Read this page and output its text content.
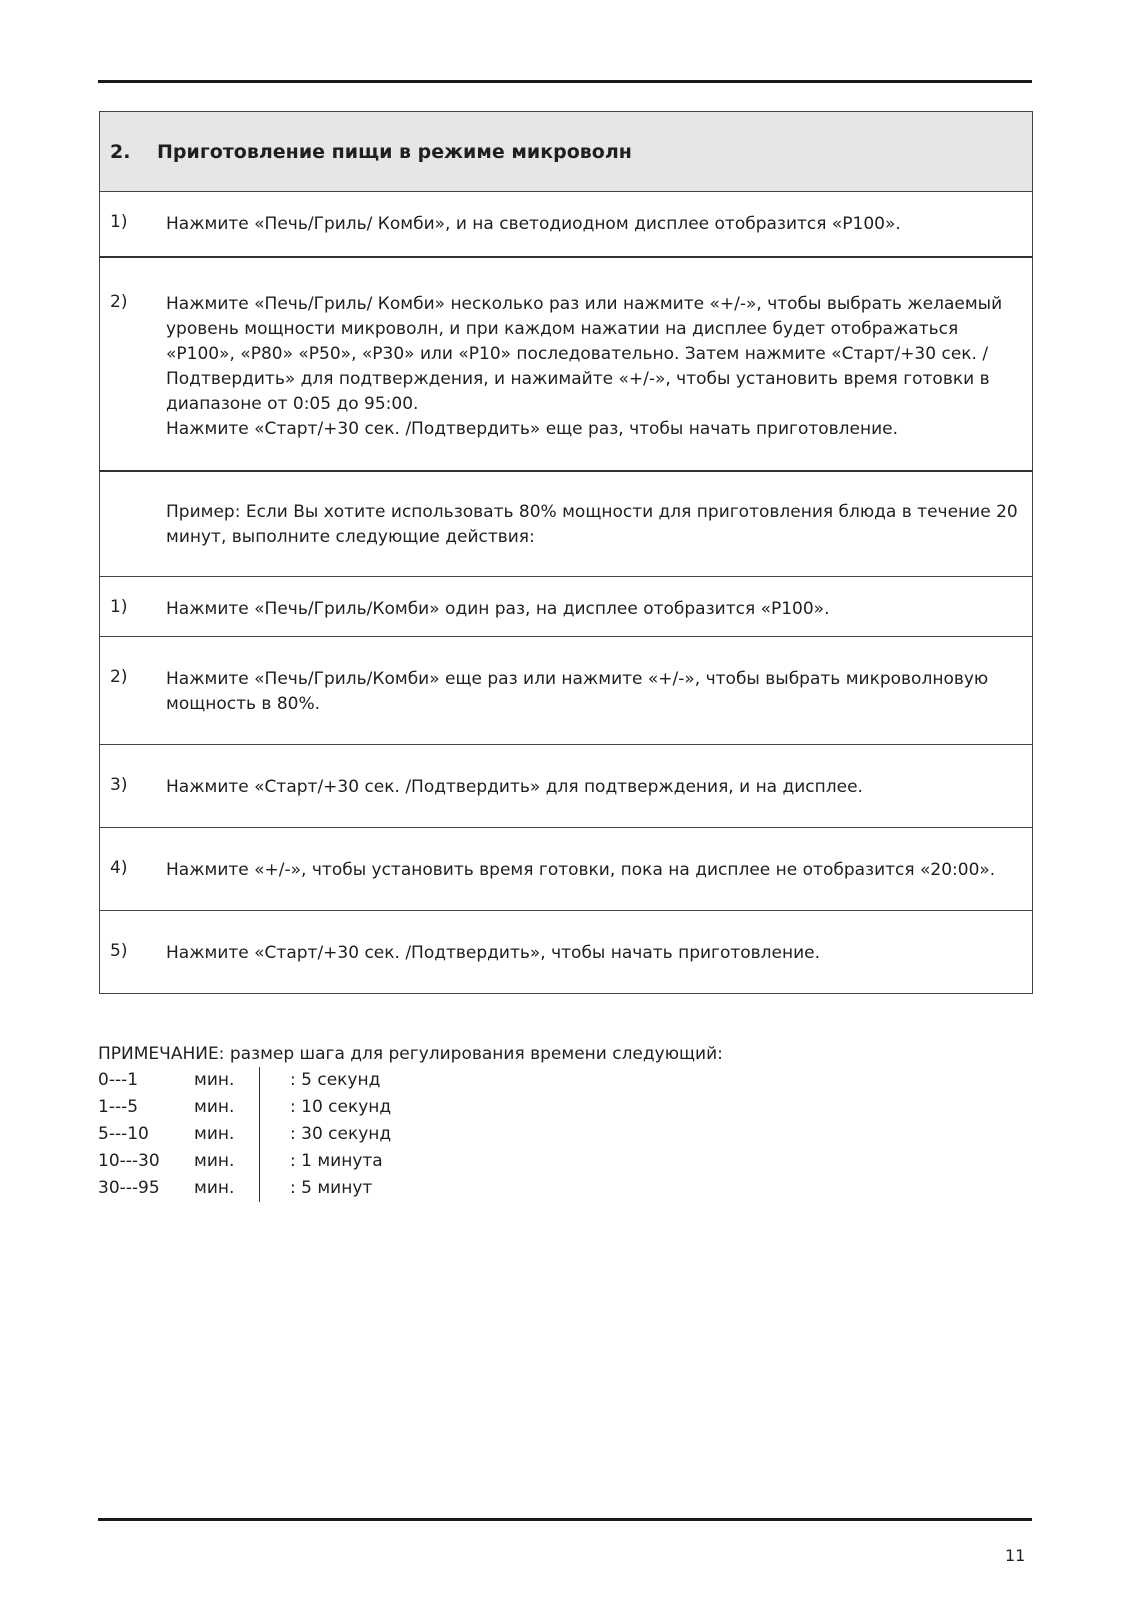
2. Приготовление пищи в режиме микроволн

1) Нажмите «Печь/Гриль/ Комби», и на светодиодном дисплее отобразится «P100».

2) Нажмите «Печь/Гриль/ Комби» несколько раз или нажмите «+/-», чтобы выбрать желаемый уровень мощности микроволн, и при каждом нажатии на дисплее будет отображаться «P100», «P80» «P50», «P30» или «P10» последовательно. Затем нажмите «Старт/+30 сек. /Подтвердить» для подтверждения, и нажимайте «+/-», чтобы установить время готовки в диапазоне от 0:05 до 95:00.

Нажмите «Старт/+30 сек. /Подтвердить» еще раз, чтобы начать приготовление.

Пример: Если Вы хотите использовать 80% мощности для приготовления блюда в течение 20 минут, выполните следующие действия:

1) Нажмите «Печь/Гриль/Комби» один раз, на дисплее отобразится «P100».

2) Нажмите «Печь/Гриль/Комби» еще раз или нажмите «+/-», чтобы выбрать микроволновую мощность в 80%.

3) Нажмите «Старт/+30 сек. /Подтвердить» для подтверждения, и на дисплее.

4) Нажмите «+/-», чтобы установить время готовки, пока на дисплее не отобразится «20:00».

5) Нажмите «Старт/+30 сек. /Подтвердить», чтобы начать приготовление.

ПРИМЕЧАНИЕ: размер шага для регулирования времени следующий:
0---1	мин.	: 5 секунд
1---5	мин.	: 10 секунд
5---10	мин.	: 30 секунд
10---30 мин.	: 1 минута
30---95 мин.	: 5 минут
11
